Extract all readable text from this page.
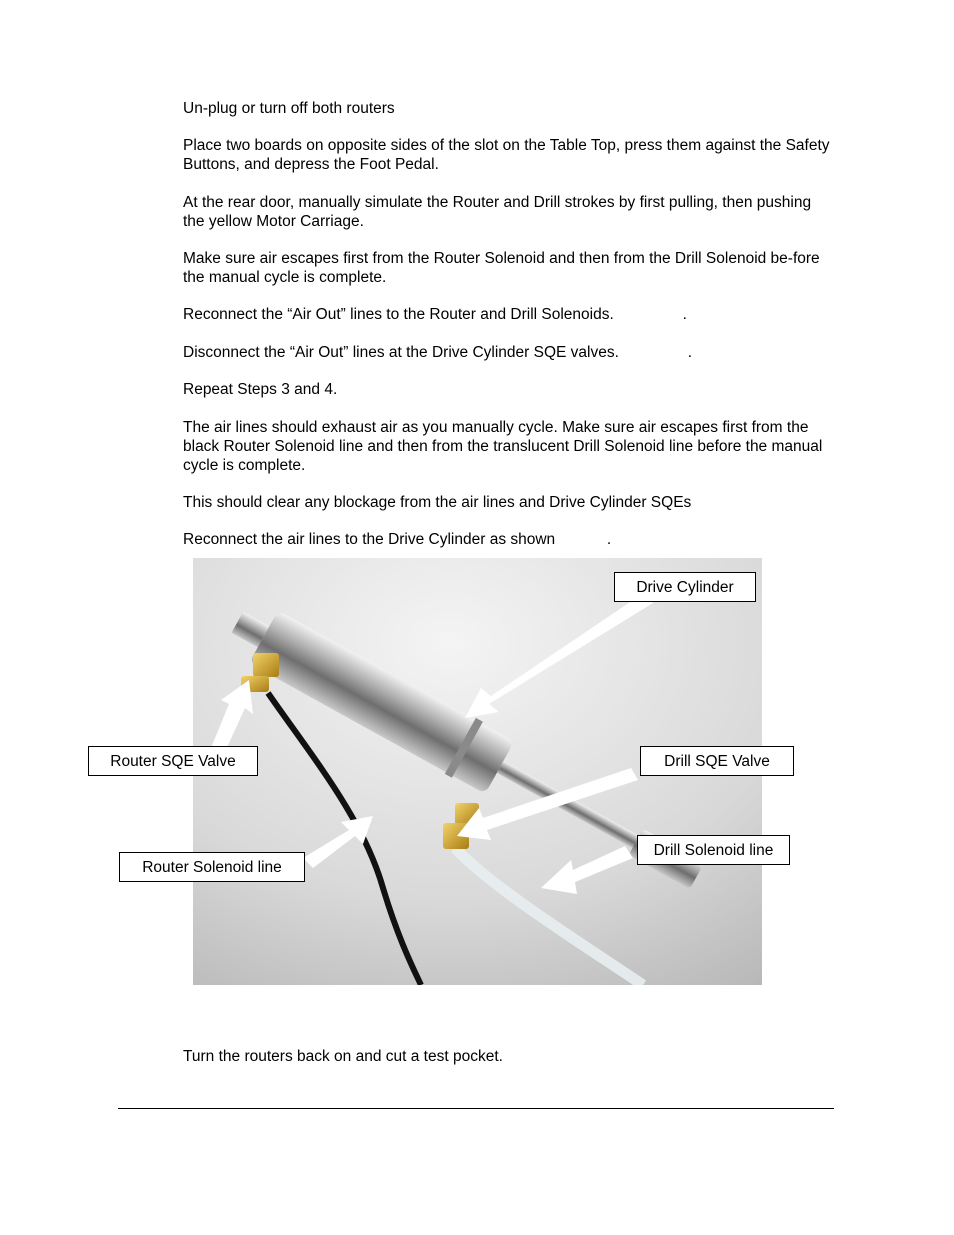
Un-plug or turn off both routers

Place two boards on opposite sides of the slot on the Table Top, press them against the Safety Buttons, and depress the Foot Pedal.

At the rear door, manually simulate the Router and Drill strokes by first pulling, then pushing the yellow Motor Carriage.

Make sure air escapes first from the Router Solenoid and then from the Drill Solenoid be-fore the manual cycle is complete.

Reconnect the “Air Out” lines to the Router and Drill Solenoids.                .

Disconnect the “Air Out” lines at the Drive Cylinder SQE valves.                .

Repeat Steps 3 and 4.

The air lines should exhaust air as you manually cycle. Make sure air escapes first from the black Router Solenoid line and then from the translucent Drill Solenoid line before the manual cycle is complete.

This should clear any blockage from the air lines and Drive Cylinder SQEs

Reconnect the air lines to the Drive Cylinder as shown            .

Drive Cylinder
Router SQE Valve	Drill SQE Valve
Router Solenoid line
Drill Solenoid line

Turn the routers back on and cut a test pocket.
